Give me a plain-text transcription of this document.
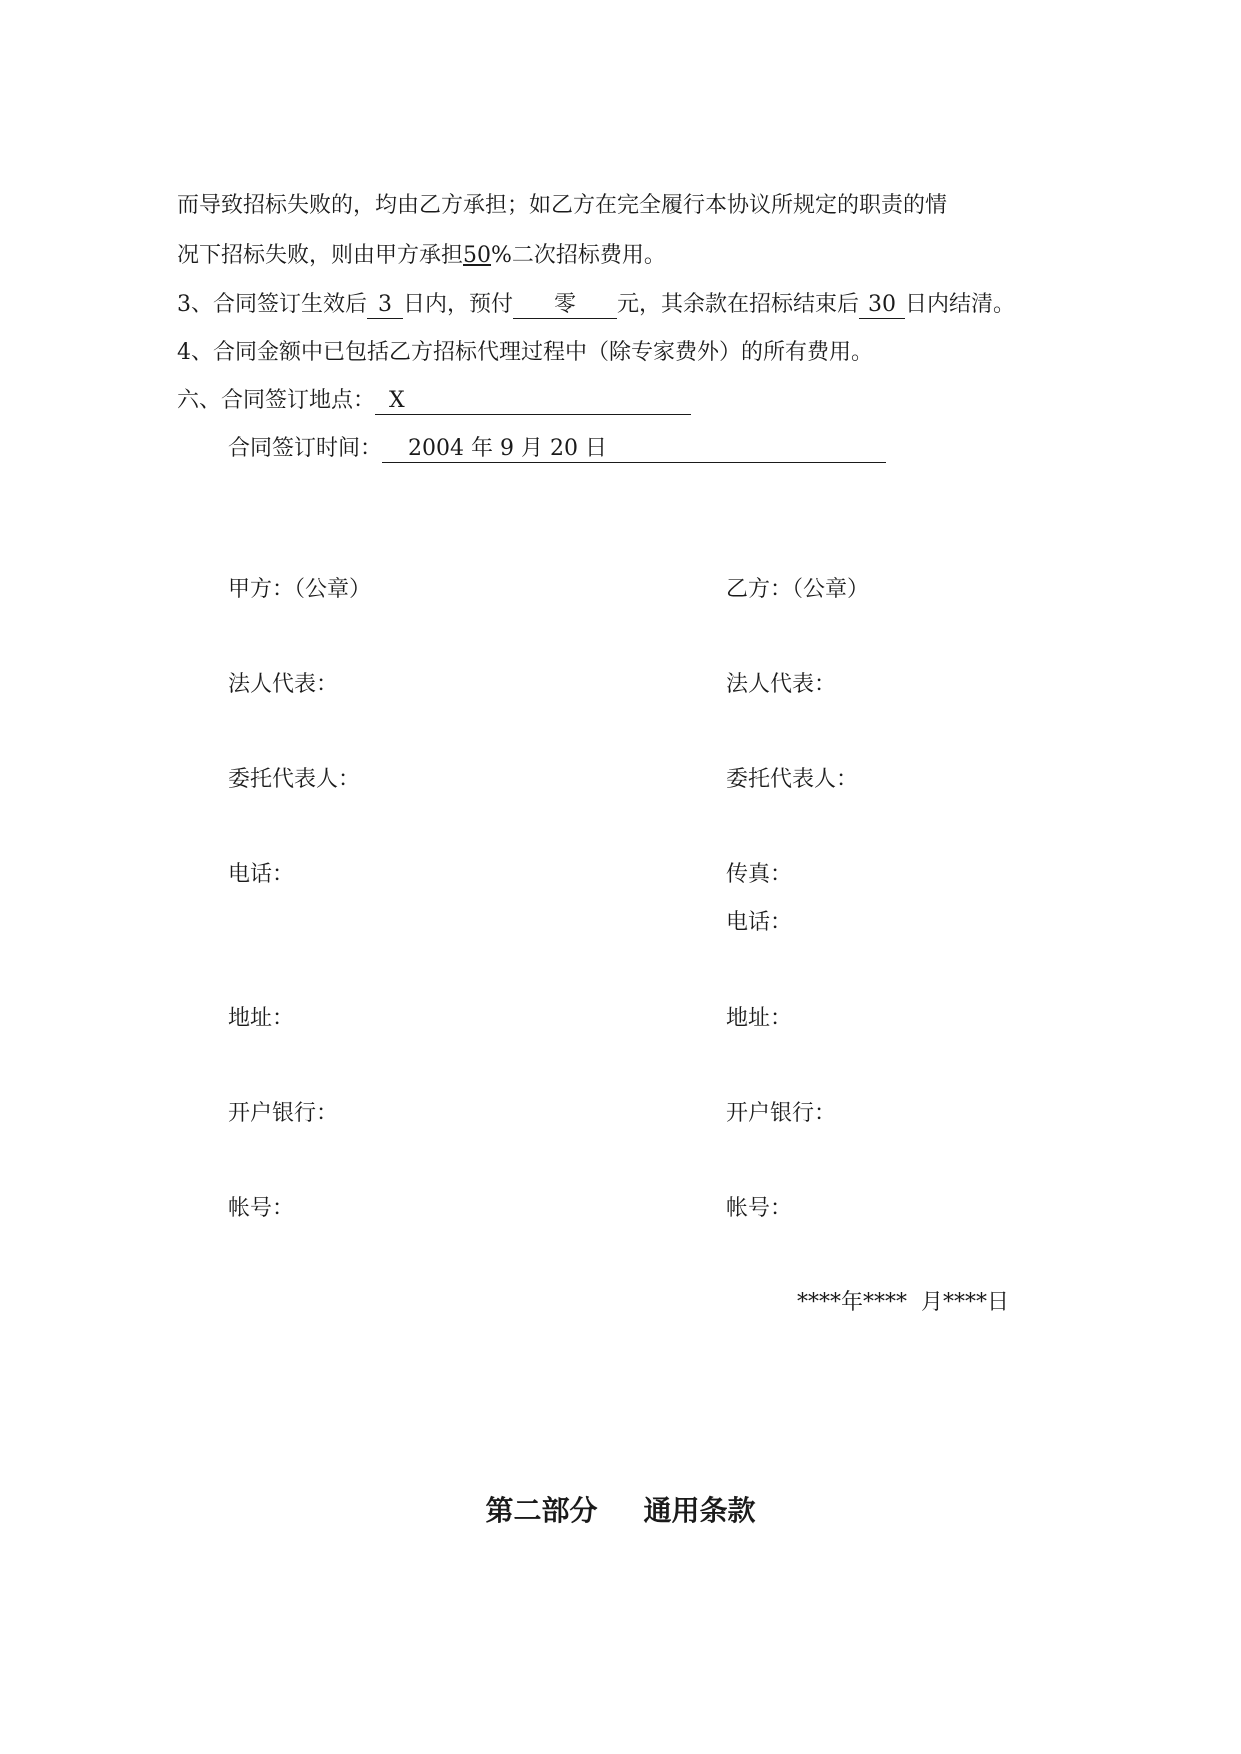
而导致招标失败的，均由乙方承担；如乙方在完全履行本协议所规定的职责的情
况下招标失败，则由甲方承担50%二次招标费用。
3、合同签订生效后 3 日内，预付 零 元，其余款在招标结束后 30 日内结清。
4、合同金额中已包括乙方招标代理过程中（除专家费外）的所有费用。
六、合同签订地点： X
合同签订时间： 2004 年 9 月 20 日
甲方：（公章）
法人代表：
委托代表人：
电话：
地址：
开户银行：
帐号：
乙方：（公章）
法人代表：
委托代表人：
传真：
电话：
地址：
开户银行：
帐号：
****年****  月****日
第二部分 通用条款
